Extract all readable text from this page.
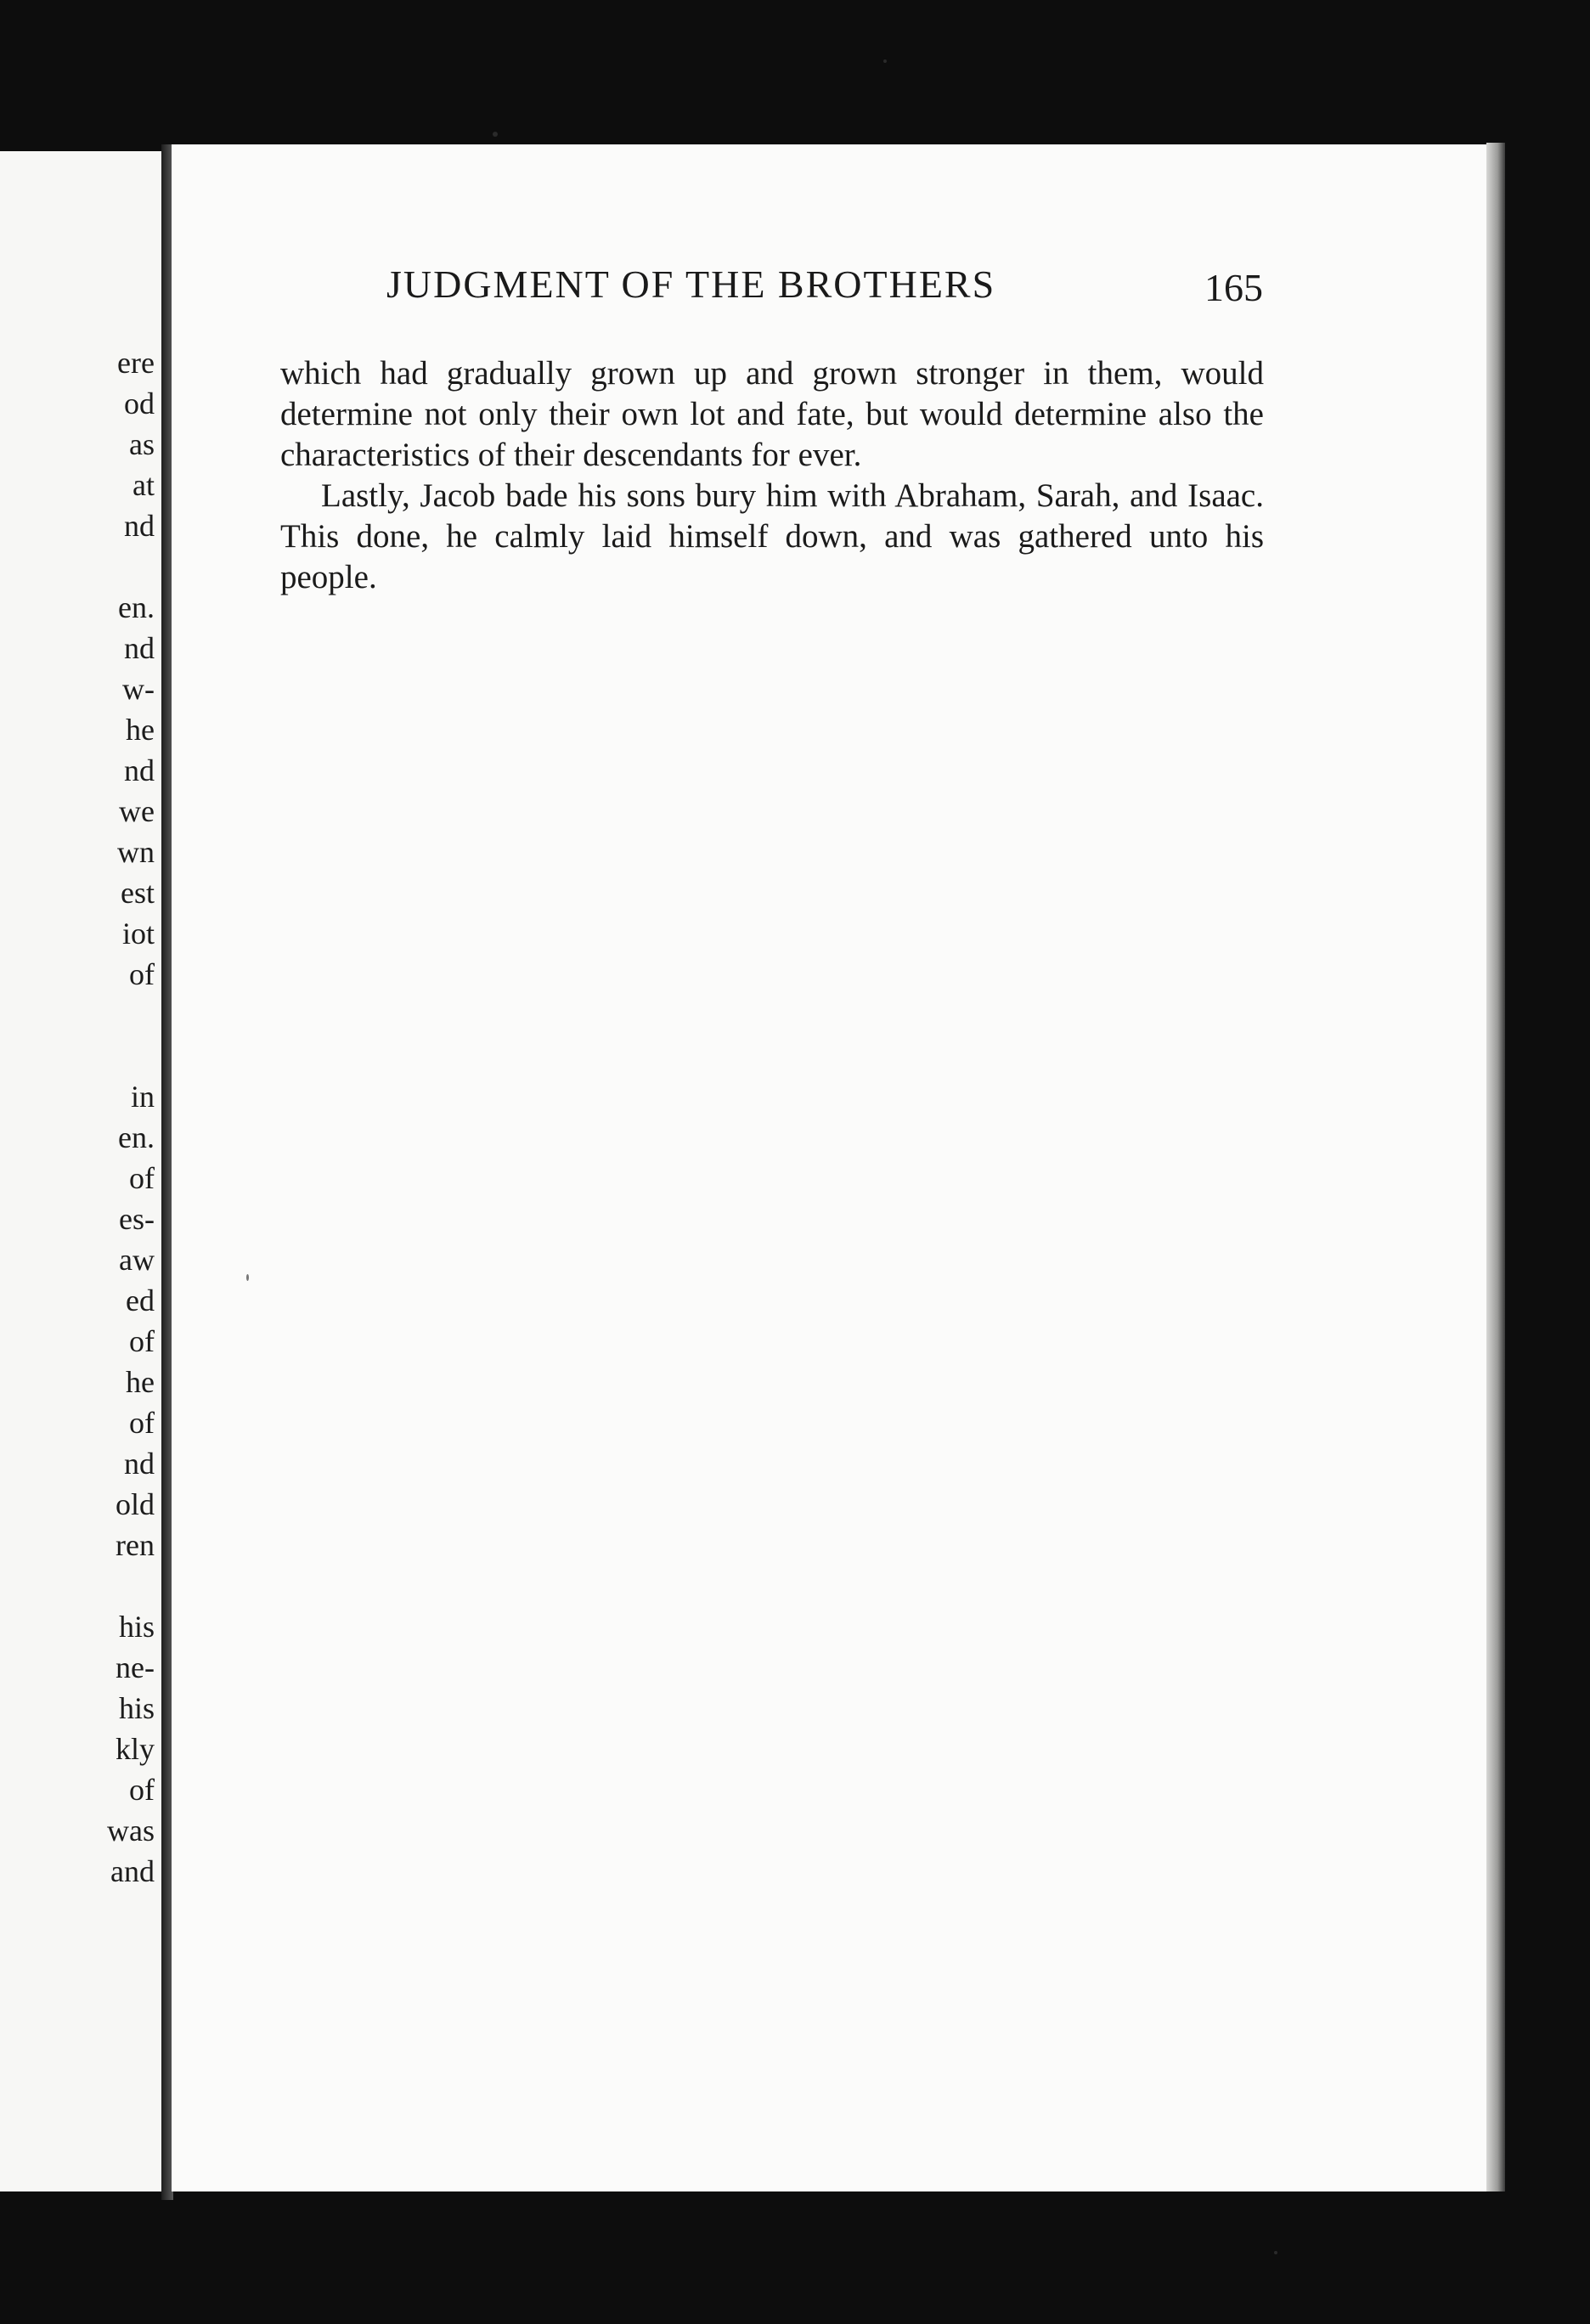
ere
od
as
at
nd
en.
nd
w-
he
nd
we
wn
est
iot
of
in
en.
of
es-
aw
ed
of
he
of
nd
old
ren
his
ne-
his
kly
of
was
and
JUDGMENT OF THE BROTHERS	165

which had gradually grown up and grown stronger in them, would determine not only their own lot and fate, but would determine also the characteristics of their descendants for ever.

Lastly, Jacob bade his sons bury him with Abraham, Sarah, and Isaac. This done, he calmly laid himself down, and was gathered unto his people.
